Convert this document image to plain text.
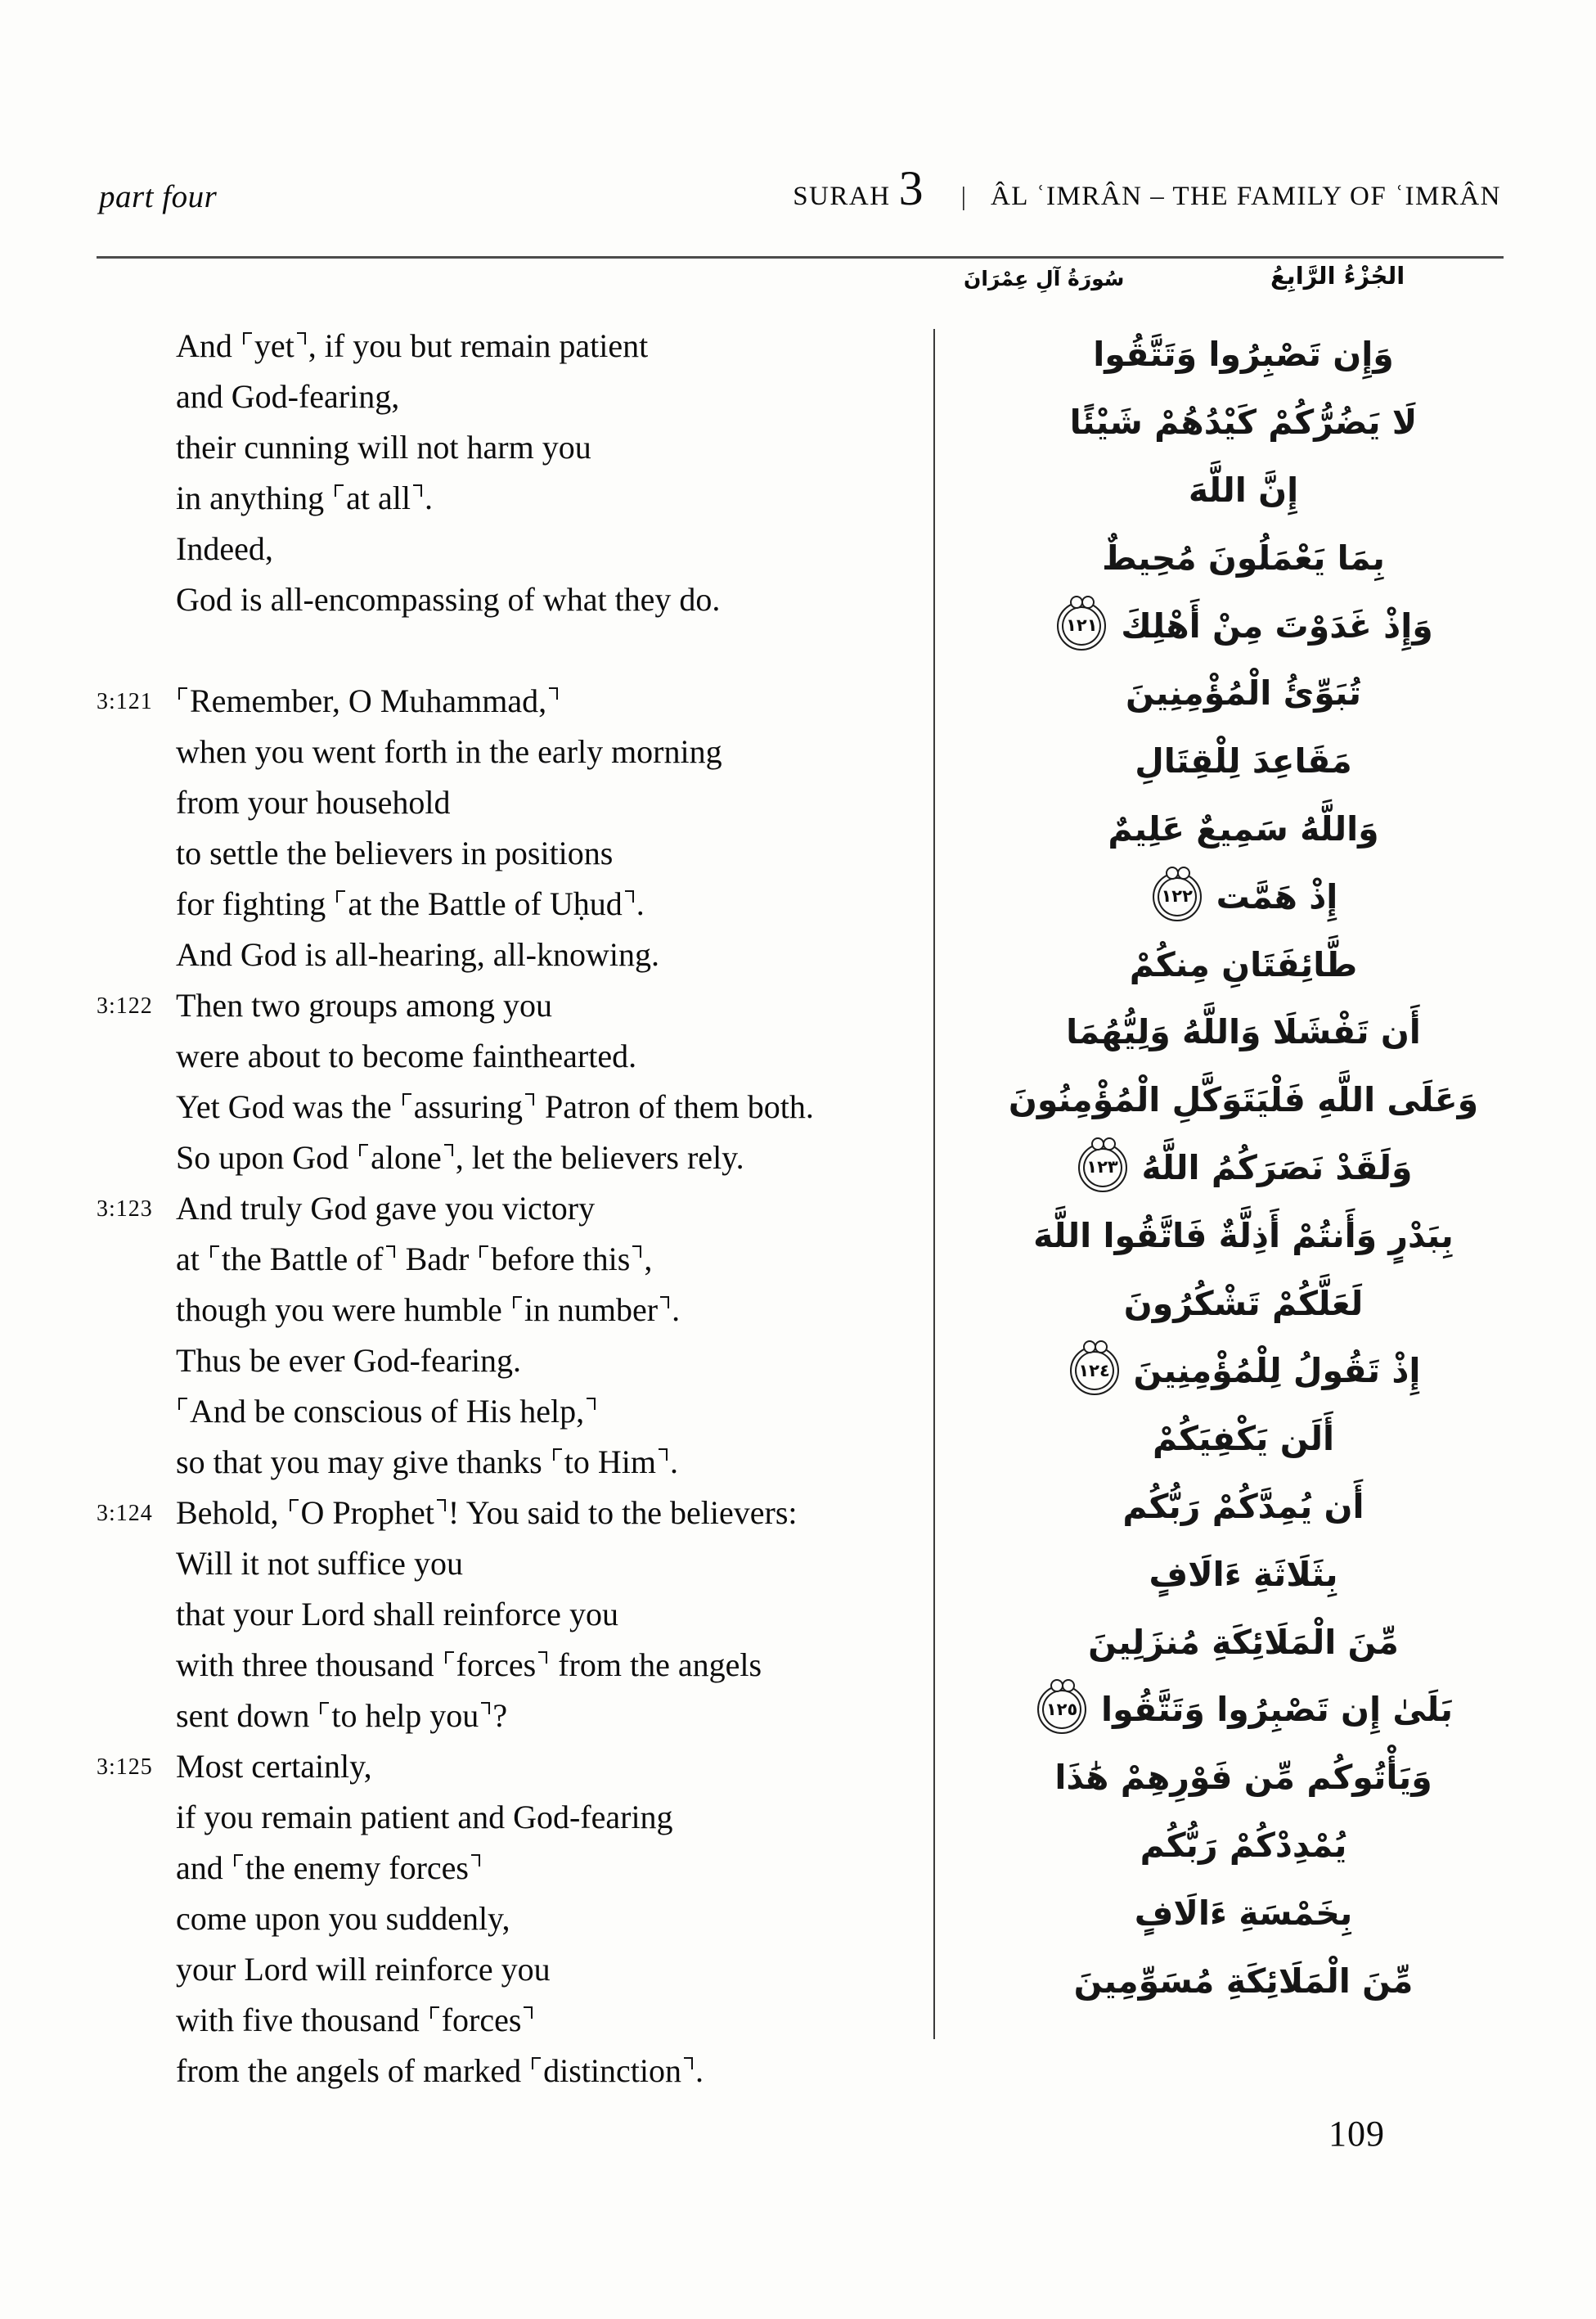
part four	SURAH 3 | ÂL ʿIMRÂN – THE FAMILY OF ʿIMRÂN
سُورَةُ آلِ عِمْرَانَ	الجُزْءُ الرَّابِعُ
And yet , if you but remain patient
and God-fearing,
their cunning will not harm you
in anything at all .
Indeed,
God is all-encompassing of what they do.
3:121 Remember, O Muhammad,
when you went forth in the early morning
from your household
to settle the believers in positions
for fighting at the Battle of Uḥud .
And God is all-hearing, all-knowing.
3:122 Then two groups among you
were about to become fainthearted.
Yet God was the assuring Patron of them both.
So upon God alone , let the believers rely.
3:123 And truly God gave you victory
at the Battle of Badr before this ,
though you were humble in number .
Thus be ever God-fearing.
And be conscious of His help,
so that you may give thanks to Him .
3:124 Behold, O Prophet ! You said to the believers:
Will it not suffice you
that your Lord shall reinforce you
with three thousand forces from the angels
sent down to help you ?
3:125 Most certainly,
if you remain patient and God-fearing
and the enemy forces
come upon you suddenly,
your Lord will reinforce you
with five thousand forces
from the angels of marked distinction .
وَإِن تَصْبِرُوا وَتَتَّقُوا
لَا يَضُرُّكُمْ كَيْدُهُمْ شَيْئًا
إِنَّ اللَّهَ
بِمَا يَعْمَلُونَ مُحِيطٌ
وَإِذْ غَدَوْتَ مِنْ أَهْلِكَ
١٢١
تُبَوِّئُ الْمُؤْمِنِينَ
مَقَاعِدَ لِلْقِتَالِ
وَاللَّهُ سَمِيعٌ عَلِيمٌ
إِذْ هَمَّت
١٢٢
طَّائِفَتَانِ مِنكُمْ
أَن تَفْشَلَا وَاللَّهُ وَلِيُّهُمَا
وَعَلَى اللَّهِ فَلْيَتَوَكَّلِ الْمُؤْمِنُونَ
وَلَقَدْ نَصَرَكُمُ اللَّهُ
١٢٣
بِبَدْرٍ وَأَنتُمْ أَذِلَّةٌ فَاتَّقُوا اللَّهَ
لَعَلَّكُمْ تَشْكُرُونَ
إِذْ تَقُولُ لِلْمُؤْمِنِينَ
١٢٤
أَلَن يَكْفِيَكُمْ
أَن يُمِدَّكُمْ رَبُّكُم
بِثَلَاثَةِ ءَالَافٍ
مِّنَ الْمَلَائِكَةِ مُنزَلِينَ
بَلَىٰ إِن تَصْبِرُوا وَتَتَّقُوا
١٢٥
وَيَأْتُوكُم مِّن فَوْرِهِمْ هَٰذَا
يُمْدِدْكُمْ رَبُّكُم
بِخَمْسَةِ ءَالَافٍ
مِّنَ الْمَلَائِكَةِ مُسَوِّمِينَ
109
